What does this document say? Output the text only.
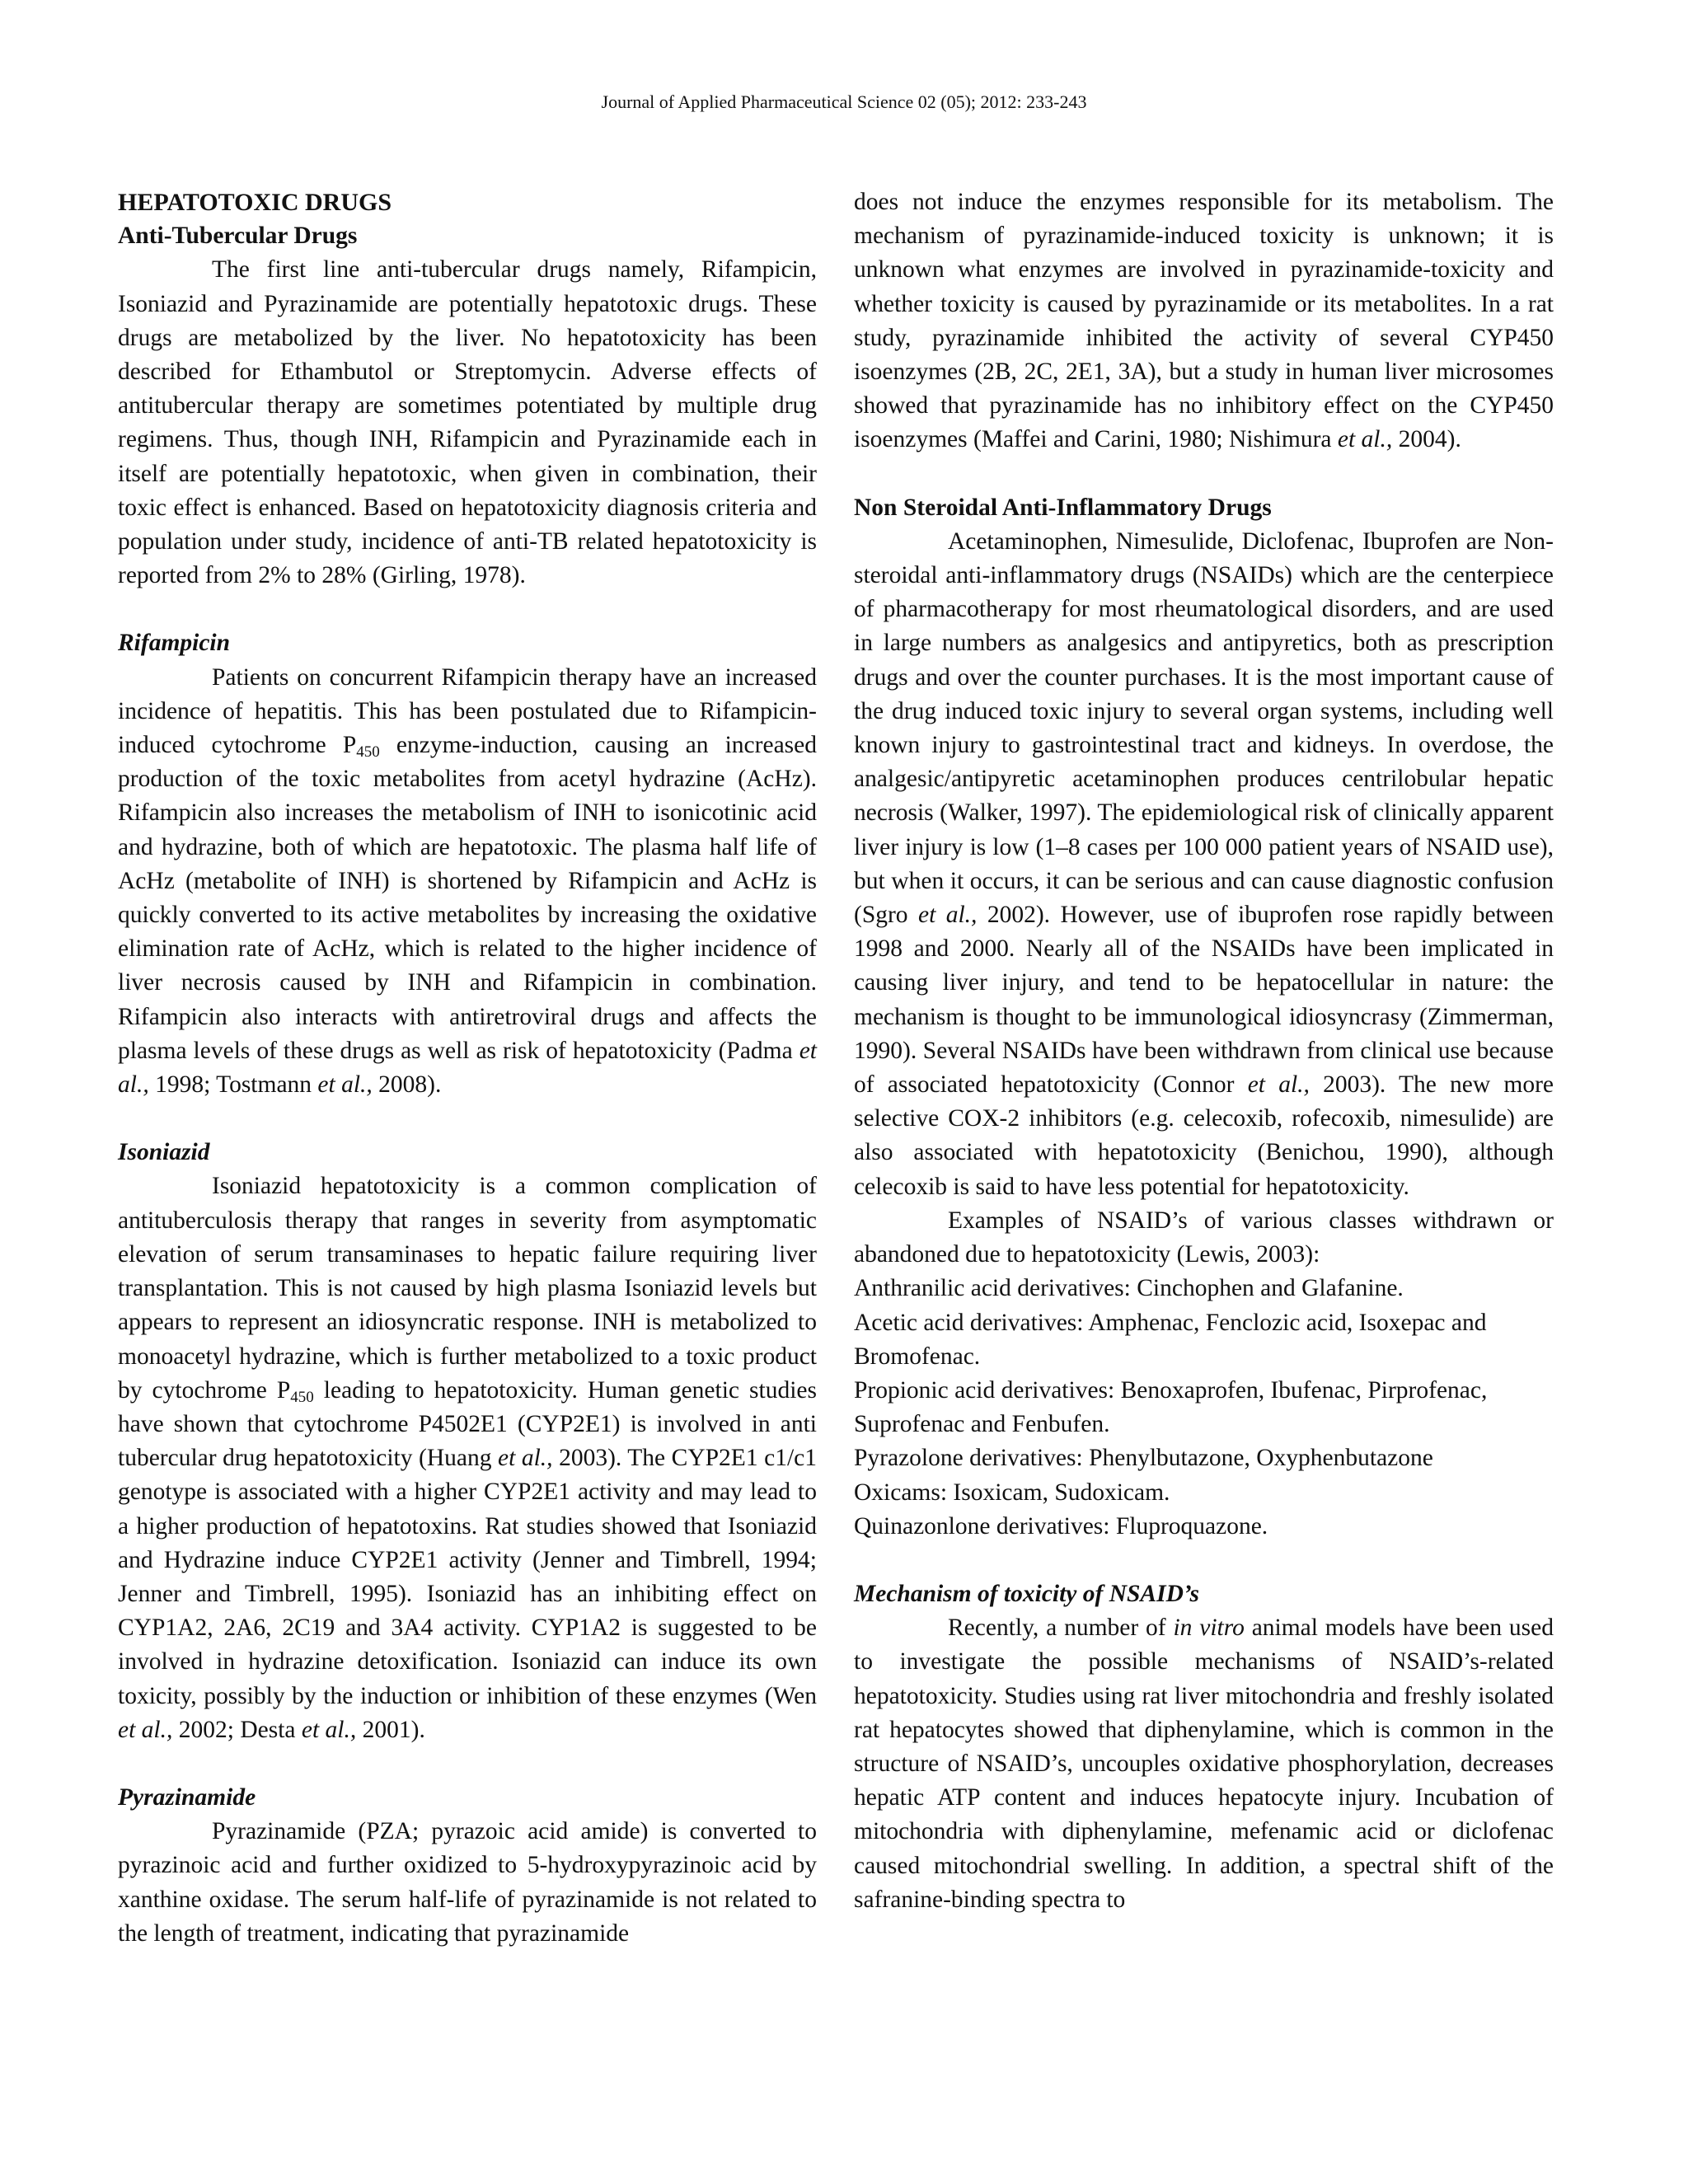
Journal of Applied Pharmaceutical Science 02 (05); 2012: 233-243

HEPATOTOXIC DRUGS

Anti-Tubercular Drugs

The first line anti-tubercular drugs namely, Rifampicin, Isoniazid and Pyrazinamide are potentially hepatotoxic drugs. These drugs are metabolized by the liver. No hepatotoxicity has been described for Ethambutol or Streptomycin. Adverse effects of antitubercular therapy are sometimes potentiated by multiple drug regimens. Thus, though INH, Rifampicin and Pyrazinamide each in itself are potentially hepatotoxic, when given in combination, their toxic effect is enhanced. Based on hepatotoxicity diagnosis criteria and population under study, incidence of anti-TB related hepatotoxicity is reported from 2% to 28% (Girling, 1978).

Rifampicin

Patients on concurrent Rifampicin therapy have an increased incidence of hepatitis. This has been postulated due to Rifampicin-induced cytochrome $P_{450}$ enzyme-induction, causing an increased production of the toxic metabolites from acetyl hydrazine (AcHz). Rifampicin also increases the metabolism of INH to isonicotinic acid and hydrazine, both of which are hepatotoxic. The plasma half life of AcHz (metabolite of INH) is shortened by Rifampicin and AcHz is quickly converted to its active metabolites by increasing the oxidative elimination rate of AcHz, which is related to the higher incidence of liver necrosis caused by INH and Rifampicin in combination. Rifampicin also interacts with antiretroviral drugs and affects the plasma levels of these drugs as well as risk of hepatotoxicity (Padma et al., 1998; Tostmann et al., 2008).

Isoniazid

Isoniazid hepatotoxicity is a common complication of antituberculosis therapy that ranges in severity from asymptomatic elevation of serum transaminases to hepatic failure requiring liver transplantation. This is not caused by high plasma Isoniazid levels but appears to represent an idiosyncratic response. INH is metabolized to monoacetyl hydrazine, which is further metabolized to a toxic product by cytochrome $P_{450}$ leading to hepatotoxicity. Human genetic studies have shown that cytochrome P4502E1 (CYP2E1) is involved in anti tubercular drug hepatotoxicity (Huang et al., 2003). The CYP2E1 c1/c1 genotype is associated with a higher CYP2E1 activity and may lead to a higher production of hepatotoxins. Rat studies showed that Isoniazid and Hydrazine induce CYP2E1 activity (Jenner and Timbrell, 1994; Jenner and Timbrell, 1995). Isoniazid has an inhibiting effect on CYP1A2, 2A6, 2C19 and 3A4 activity. CYP1A2 is suggested to be involved in hydrazine detoxification. Isoniazid can induce its own toxicity, possibly by the induction or inhibition of these enzymes (Wen et al., 2002; Desta et al., 2001).

Pyrazinamide

Pyrazinamide (PZA; pyrazoic acid amide) is converted to pyrazinoic acid and further oxidized to 5-hydroxypyrazinoic acid by xanthine oxidase. The serum half-life of pyrazinamide is not related to the length of treatment, indicating that pyrazinamide

does not induce the enzymes responsible for its metabolism. The mechanism of pyrazinamide-induced toxicity is unknown; it is unknown what enzymes are involved in pyrazinamide-toxicity and whether toxicity is caused by pyrazinamide or its metabolites. In a rat study, pyrazinamide inhibited the activity of several CYP450 isoenzymes (2B, 2C, 2E1, 3A), but a study in human liver microsomes showed that pyrazinamide has no inhibitory effect on the CYP450 isoenzymes (Maffei and Carini, 1980; Nishimura et al., 2004).

Non Steroidal Anti-Inflammatory Drugs

Acetaminophen, Nimesulide, Diclofenac, Ibuprofen are Non-steroidal anti-inflammatory drugs (NSAIDs) which are the centerpiece of pharmacotherapy for most rheumatological disorders, and are used in large numbers as analgesics and antipyretics, both as prescription drugs and over the counter purchases. It is the most important cause of the drug induced toxic injury to several organ systems, including well known injury to gastrointestinal tract and kidneys. In overdose, the analgesic/antipyretic acetaminophen produces centrilobular hepatic necrosis (Walker, 1997). The epidemiological risk of clinically apparent liver injury is low (1–8 cases per 100 000 patient years of NSAID use), but when it occurs, it can be serious and can cause diagnostic confusion (Sgro et al., 2002). However, use of ibuprofen rose rapidly between 1998 and 2000. Nearly all of the NSAIDs have been implicated in causing liver injury, and tend to be hepatocellular in nature: the mechanism is thought to be immunological idiosyncrasy (Zimmerman, 1990). Several NSAIDs have been withdrawn from clinical use because of associated hepatotoxicity (Connor et al., 2003). The new more selective COX-2 inhibitors (e.g. celecoxib, rofecoxib, nimesulide) are also associated with hepatotoxicity (Benichou, 1990), although celecoxib is said to have less potential for hepatotoxicity.

Examples of NSAID’s of various classes withdrawn or abandoned due to hepatotoxicity (Lewis, 2003):

Anthranilic acid derivatives: Cinchophen and Glafanine.

Acetic acid derivatives: Amphenac, Fenclozic acid, Isoxepac and Bromofenac.

Propionic acid derivatives: Benoxaprofen, Ibufenac, Pirprofenac, Suprofenac and Fenbufen.

Pyrazolone derivatives: Phenylbutazone, Oxyphenbutazone

Oxicams: Isoxicam, Sudoxicam.

Quinazonlone derivatives: Fluproquazone.

Mechanism of toxicity of NSAID’s

Recently, a number of in vitro animal models have been used to investigate the possible mechanisms of NSAID’s-related hepatotoxicity. Studies using rat liver mitochondria and freshly isolated rat hepatocytes showed that diphenylamine, which is common in the structure of NSAID’s, uncouples oxidative phosphorylation, decreases hepatic ATP content and induces hepatocyte injury. Incubation of mitochondria with diphenylamine, mefenamic acid or diclofenac caused mitochondrial swelling. In addition, a spectral shift of the safranine-binding spectra to
